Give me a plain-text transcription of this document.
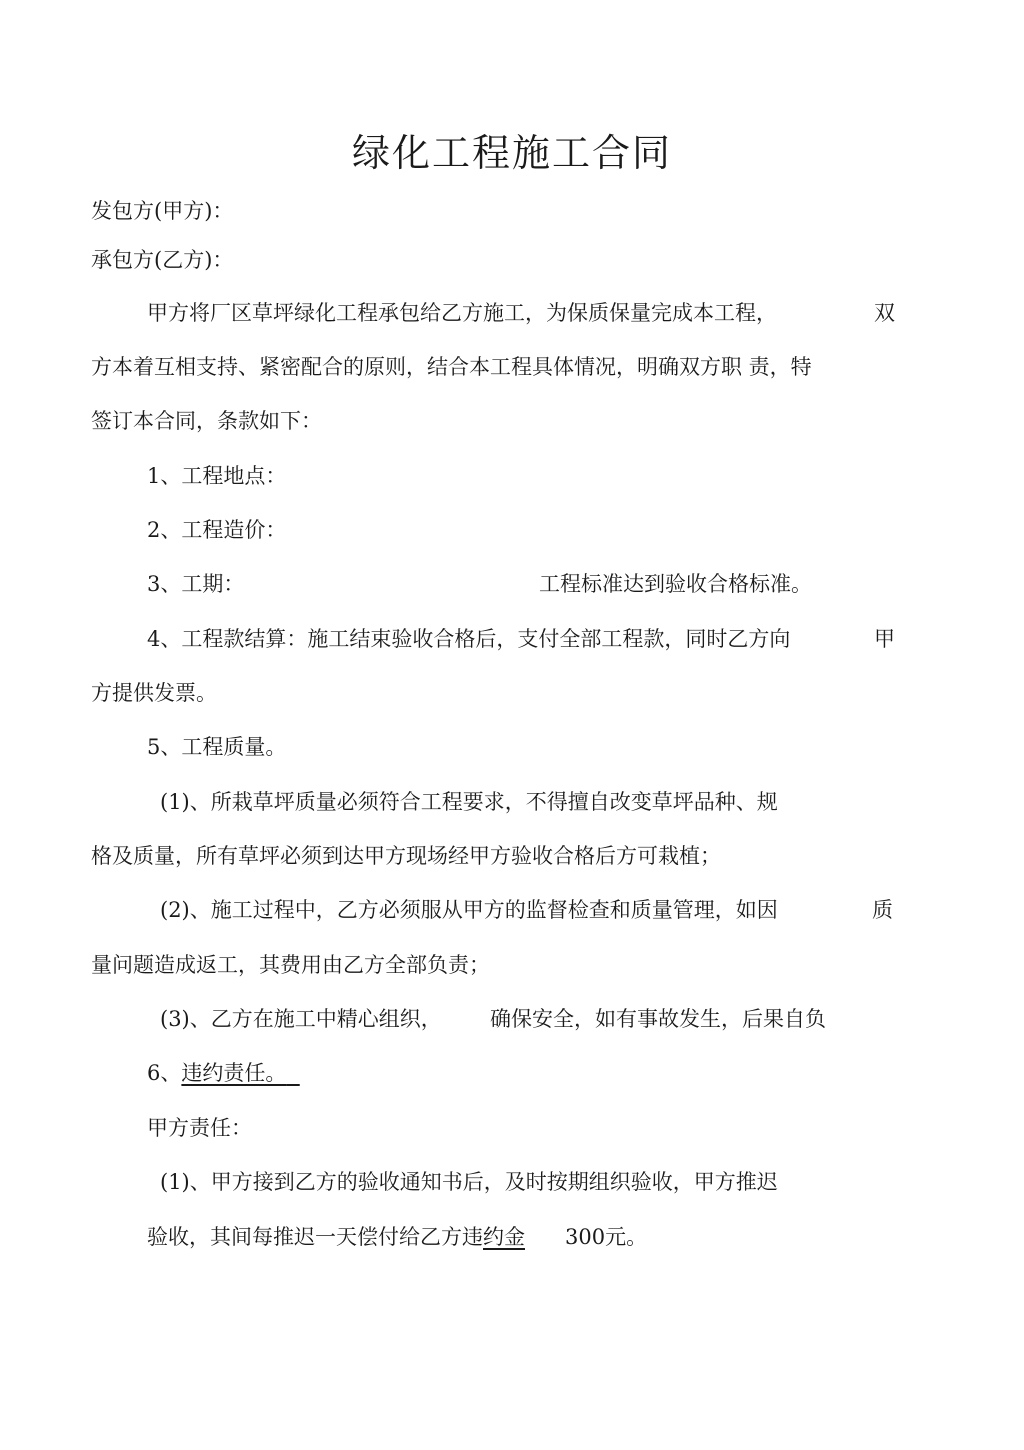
绿化工程施工合同
发包方(甲方)：
承包方(乙方)：
甲方将厂区草坪绿化工程承包给乙方施工，为保质保量完成本工程，	双
方本着互相支持、紧密配合的原则，结合本工程具体情况，明确双方职 责，特
签订本合同，条款如下：
1、工程地点：
2、工程造价：
3、工期：	工程标准达到验收合格标准。
4、工程款结算：施工结束验收合格后，支付全部工程款，同时乙方向	甲
方提供发票。
5、工程质量。
(1)、所栽草坪质量必须符合工程要求，不得擅自改变草坪品种、规
格及质量，所有草坪必须到达甲方现场经甲方验收合格后方可栽植；
(2)、施工过程中，乙方必须服从甲方的监督检查和质量管理，如因	质
量问题造成返工，其费用由乙方全部负责；
(3)、乙方在施工中精心组织， 确保安全，如有事故发生，后果自负
6、违约责任。
甲方责任：
(1)、甲方接到乙方的验收通知书后，及时按期组织验收，甲方推迟
验收，其间每推迟一天偿付给乙方违约金 300元。
